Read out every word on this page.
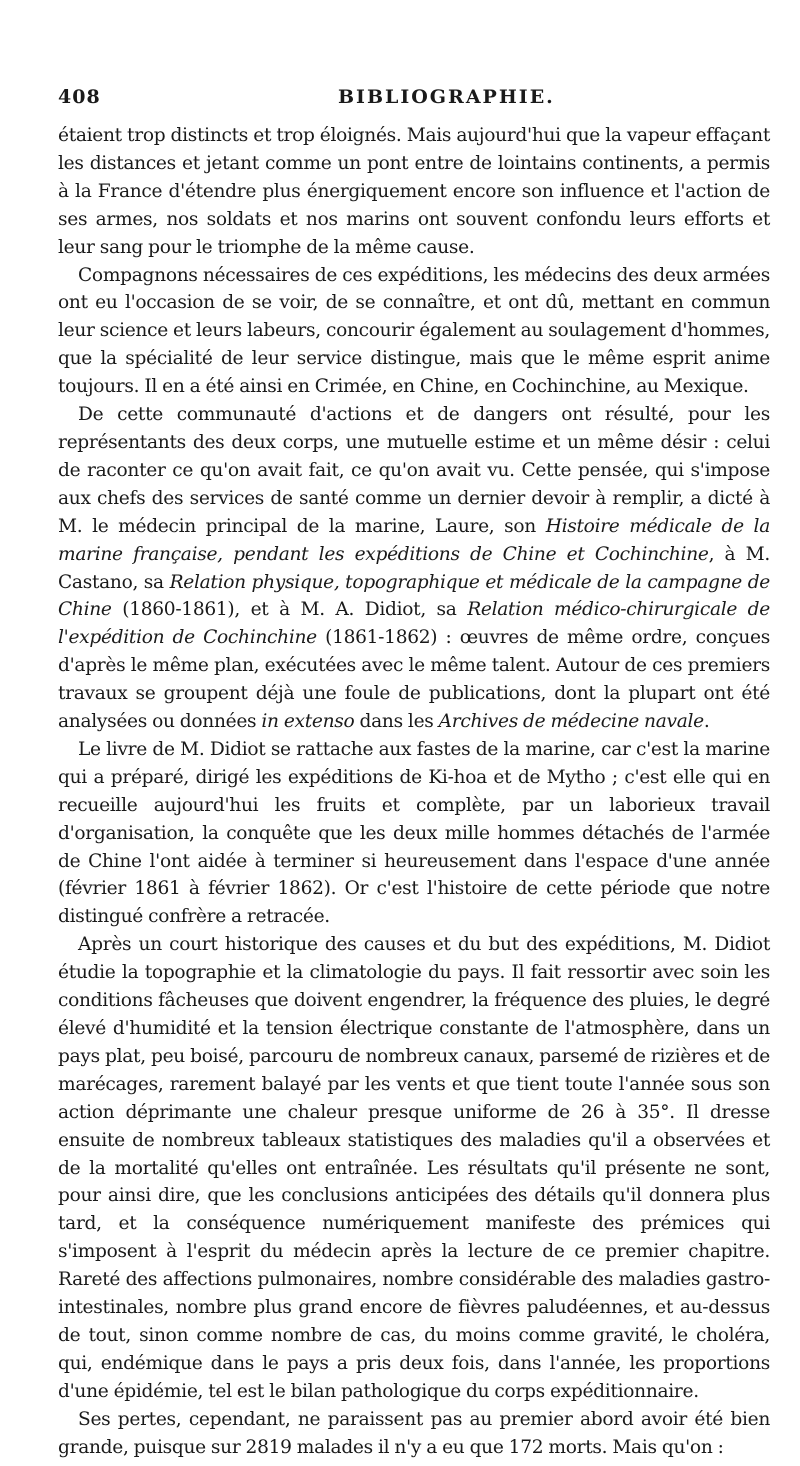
408	BIBLIOGRAPHIE.

étaient trop distincts et trop éloignés. Mais aujourd'hui que la vapeur effaçant les distances et jetant comme un pont entre de lointains continents, a permis à la France d'étendre plus énergiquement encore son influence et l'action de ses armes, nos soldats et nos marins ont souvent confondu leurs efforts et leur sang pour le triomphe de la même cause.

Compagnons nécessaires de ces expéditions, les médecins des deux armées ont eu l'occasion de se voir, de se connaître, et ont dû, mettant en commun leur science et leurs labeurs, concourir également au soulagement d'hommes, que la spécialité de leur service distingue, mais que le même esprit anime toujours. Il en a été ainsi en Crimée, en Chine, en Cochinchine, au Mexique.

De cette communauté d'actions et de dangers ont résulté, pour les représentants des deux corps, une mutuelle estime et un même désir : celui de raconter ce qu'on avait fait, ce qu'on avait vu. Cette pensée, qui s'impose aux chefs des services de santé comme un dernier devoir à remplir, a dicté à M. le médecin principal de la marine, Laure, son Histoire médicale de la marine française, pendant les expéditions de Chine et Cochinchine, à M. Castano, sa Relation physique, topographique et médicale de la campagne de Chine (1860-1861), et à M. A. Didiot, sa Relation médico-chirurgicale de l'expédition de Cochinchine (1861-1862) : œuvres de même ordre, conçues d'après le même plan, exécutées avec le même talent. Autour de ces premiers travaux se groupent déjà une foule de publications, dont la plupart ont été analysées ou données in extenso dans les Archives de médecine navale.

Le livre de M. Didiot se rattache aux fastes de la marine, car c'est la marine qui a préparé, dirigé les expéditions de Ki-hoa et de Mytho ; c'est elle qui en recueille aujourd'hui les fruits et complète, par un laborieux travail d'organisation, la conquête que les deux mille hommes détachés de l'armée de Chine l'ont aidée à terminer si heureusement dans l'espace d'une année (février 1861 à février 1862). Or c'est l'histoire de cette période que notre distingué confrère a retracée.

Après un court historique des causes et du but des expéditions, M. Didiot étudie la topographie et la climatologie du pays. Il fait ressortir avec soin les conditions fâcheuses que doivent engendrer, la fréquence des pluies, le degré élevé d'humidité et la tension électrique constante de l'atmosphère, dans un pays plat, peu boisé, parcouru de nombreux canaux, parsemé de rizières et de marécages, rarement balayé par les vents et que tient toute l'année sous son action déprimante une chaleur presque uniforme de 26 à 35°. Il dresse ensuite de nombreux tableaux statistiques des maladies qu'il a observées et de la mortalité qu'elles ont entraînée. Les résultats qu'il présente ne sont, pour ainsi dire, que les conclusions anticipées des détails qu'il donnera plus tard, et la conséquence numériquement manifeste des prémices qui s'imposent à l'esprit du médecin après la lecture de ce premier chapitre. Rareté des affections pulmonaires, nombre considérable des maladies gastro-intestinales, nombre plus grand encore de fièvres paludéennes, et au-dessus de tout, sinon comme nombre de cas, du moins comme gravité, le choléra, qui, endémique dans le pays a pris deux fois, dans l'année, les proportions d'une épidémie, tel est le bilan pathologique du corps expéditionnaire.

Ses pertes, cependant, ne paraissent pas au premier abord avoir été bien grande, puisque sur 2819 malades il n'y a eu que 172 morts. Mais qu'on :
